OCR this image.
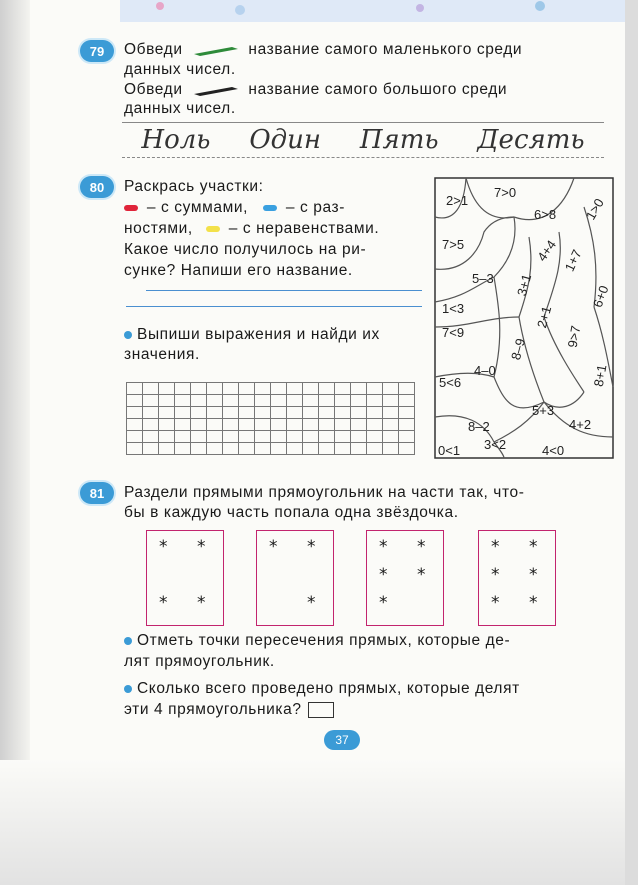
79	Обведи	название самого маленького среди
данных чисел.
Обведи	название самого большого среди
данных чисел.
Ноль Один Пять Десять
80	Раскрась участки:
– с суммами, – с раз-
ностями, – с неравенствами.
Какое число получилось на ри-
сунке? Напиши его название.
Выпиши выражения и найди их
значения.
2>1
7>0
6>8 1>0
7>5	4+4 1+7
5–3 3+1	6+0
1<3	2+1
7<9	9>7
8–9
4–0
5<6
5+3
8+1
8–2	4+2
3<2
0<1	4<0
81	Раздели прямыми прямоугольник на части так, что-
бы в каждую часть попала одна звёздочка.
* *
* *
* *
*
* *
* *
*
* *
* *
* *
Отметь точки пересечения прямых, которые де-
лят прямоугольник.
Сколько всего проведено прямых, которые делят
эти 4 прямоугольника?
37
